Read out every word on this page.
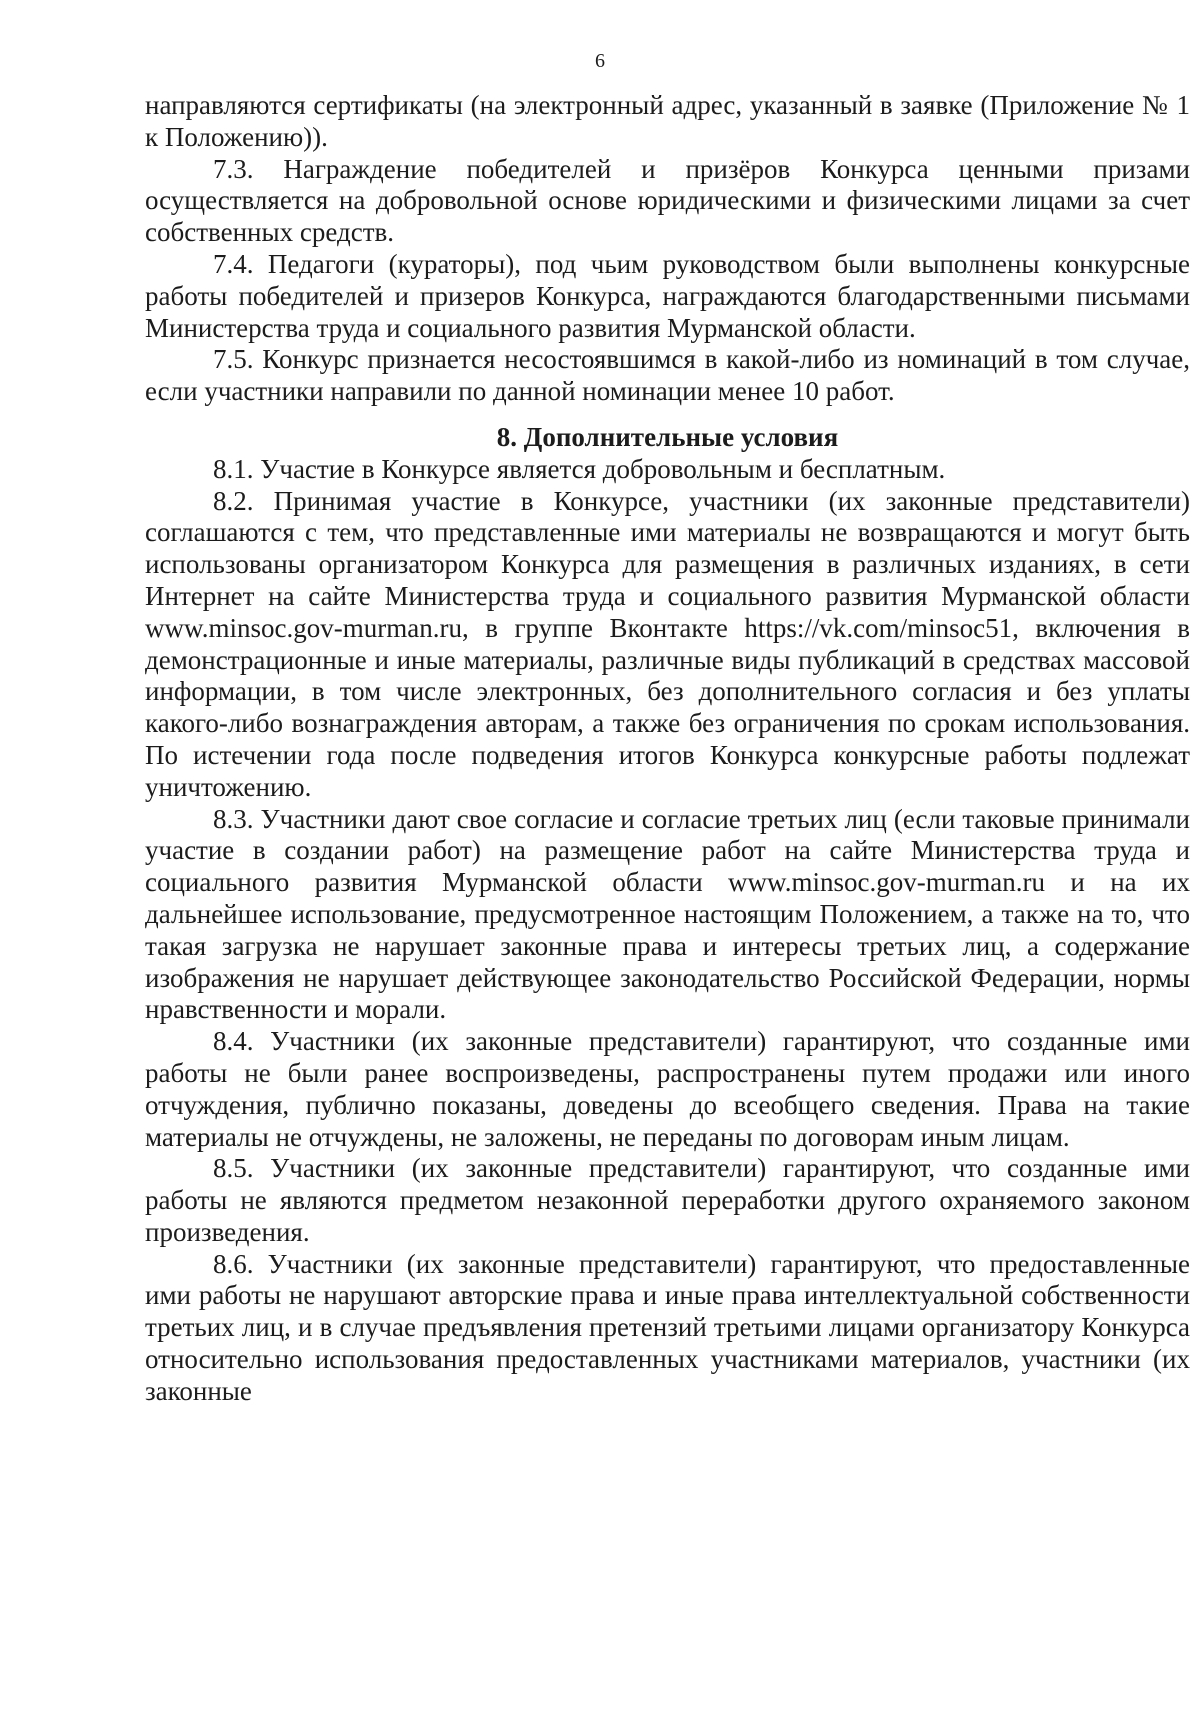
6

направляются сертификаты (на электронный адрес, указанный в заявке (Приложение № 1 к Положению)).

7.3. Награждение победителей и призёров Конкурса ценными призами осуществляется на добровольной основе юридическими и физическими лицами за счет собственных средств.

7.4. Педагоги (кураторы), под чьим руководством были выполнены конкурсные работы победителей и призеров Конкурса, награждаются благодарственными письмами Министерства труда и социального развития Мурманской области.

7.5. Конкурс признается несостоявшимся в какой-либо из номинаций в том случае, если участники направили по данной номинации менее 10 работ.

8. Дополнительные условия

8.1. Участие в Конкурсе является добровольным и бесплатным.

8.2. Принимая участие в Конкурсе, участники (их законные представители) соглашаются с тем, что представленные ими материалы не возвращаются и могут быть использованы организатором Конкурса для размещения в различных изданиях, в сети Интернет на сайте Министерства труда и социального развития Мурманской области www.minsoc.gov-murman.ru, в группе Вконтакте https://vk.com/minsoc51, включения в демонстрационные и иные материалы, различные виды публикаций в средствах массовой информации, в том числе электронных, без дополнительного согласия и без уплаты какого-либо вознаграждения авторам, а также без ограничения по срокам использования. По истечении года после подведения итогов Конкурса конкурсные работы подлежат уничтожению.

8.3. Участники дают свое согласие и согласие третьих лиц (если таковые принимали участие в создании работ) на размещение работ на сайте Министерства труда и социального развития Мурманской области www.minsoc.gov-murman.ru и на их дальнейшее использование, предусмотренное настоящим Положением, а также на то, что такая загрузка не нарушает законные права и интересы третьих лиц, а содержание изображения не нарушает действующее законодательство Российской Федерации, нормы нравственности и морали.

8.4. Участники (их законные представители) гарантируют, что созданные ими работы не были ранее воспроизведены, распространены путем продажи или иного отчуждения, публично показаны, доведены до всеобщего сведения. Права на такие материалы не отчуждены, не заложены, не переданы по договорам иным лицам.

8.5. Участники (их законные представители) гарантируют, что созданные ими работы не являются предметом незаконной переработки другого охраняемого законом произведения.

8.6. Участники (их законные представители) гарантируют, что предоставленные ими работы не нарушают авторские права и иные права интеллектуальной собственности третьих лиц, и в случае предъявления претензий третьими лицами организатору Конкурса относительно использования предоставленных участниками материалов, участники (их законные
